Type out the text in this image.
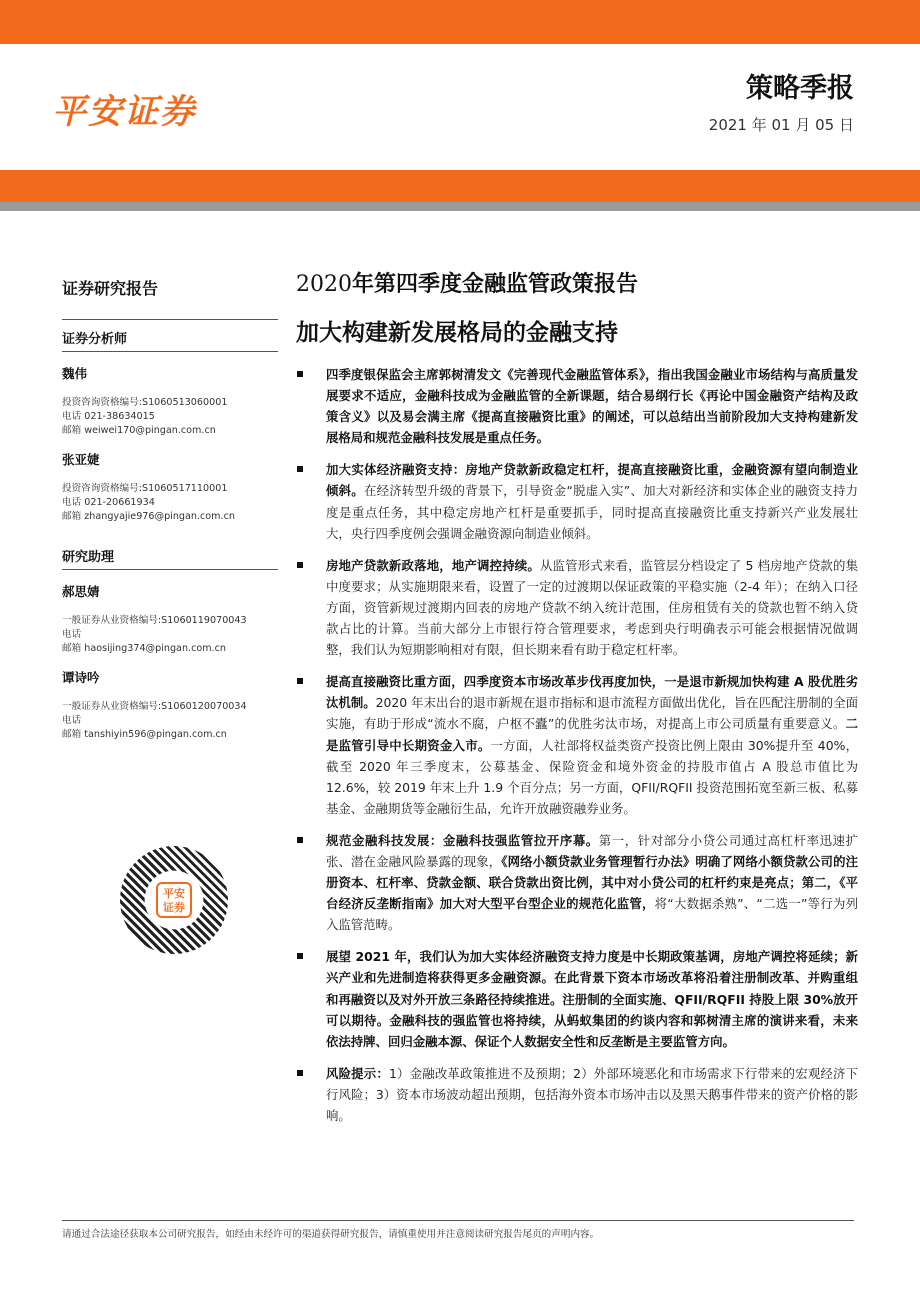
平安证券
策略季报
2021 年 01 月 05 日
证券研究报告
证券分析师
魏伟
投资咨询资格编号:S1060513060001
电话 021-38634015
邮箱 weiwei170@pingan.com.cn
张亚婕
投资咨询资格编号:S1060517110001
电话 021-20661934
邮箱 zhangyajie976@pingan.com.cn
研究助理
郝思婧
一般证券从业资格编号:S1060119070043
电话
邮箱 haosijing374@pingan.com.cn
谭诗吟
一般证券从业资格编号:S1060120070034
电话
邮箱 tanshiyin596@pingan.com.cn
平安证券
2020年第四季度金融监管政策报告
加大构建新发展格局的金融支持
四季度银保监会主席郭树清发文《完善现代金融监管体系》，指出我国金融业市场结构与高质量发展要求不适应，金融科技成为金融监管的全新课题，结合易纲行长《再论中国金融资产结构及政策含义》以及易会满主席《提高直接融资比重》的阐述，可以总结出当前阶段加大支持构建新发展格局和规范金融科技发展是重点任务。
加大实体经济融资支持：房地产贷款新政稳定杠杆，提高直接融资比重，金融资源有望向制造业倾斜。在经济转型升级的背景下，引导资金“脱虚入实”、加大对新经济和实体企业的融资支持力度是重点任务，其中稳定房地产杠杆是重要抓手，同时提高直接融资比重支持新兴产业发展壮大，央行四季度例会强调金融资源向制造业倾斜。
房地产贷款新政落地，地产调控持续。从监管形式来看，监管层分档设定了 5 档房地产贷款的集中度要求；从实施期限来看，设置了一定的过渡期以保证政策的平稳实施（2-4 年）；在纳入口径方面，资管新规过渡期内回表的房地产贷款不纳入统计范围，住房租赁有关的贷款也暂不纳入贷款占比的计算。当前大部分上市银行符合管理要求，考虑到央行明确表示可能会根据情况做调整，我们认为短期影响相对有限，但长期来看有助于稳定杠杆率。
提高直接融资比重方面，四季度资本市场改革步伐再度加快，一是退市新规加快构建 A 股优胜劣汰机制。2020 年末出台的退市新规在退市指标和退市流程方面做出优化，旨在匹配注册制的全面实施，有助于形成“流水不腐，户枢不蠹”的优胜劣汰市场，对提高上市公司质量有重要意义。二是监管引导中长期资金入市。一方面，人社部将权益类资产投资比例上限由 30%提升至 40%，截至 2020 年三季度末，公募基金、保险资金和境外资金的持股市值占 A 股总市值比为 12.6%，较 2019 年末上升 1.9 个百分点；另一方面，QFII/RQFII 投资范围拓宽至新三板、私募基金、金融期货等金融衍生品，允许开放融资融券业务。
规范金融科技发展：金融科技强监管拉开序幕。第一，针对部分小贷公司通过高杠杆率迅速扩张、潜在金融风险暴露的现象，《网络小额贷款业务管理暂行办法》明确了网络小额贷款公司的注册资本、杠杆率、贷款金额、联合贷款出资比例，其中对小贷公司的杠杆约束是亮点；第二，《平台经济反垄断指南》加大对大型平台型企业的规范化监管，将“大数据杀熟”、“二选一”等行为列入监管范畴。
展望 2021 年，我们认为加大实体经济融资支持力度是中长期政策基调，房地产调控将延续；新兴产业和先进制造将获得更多金融资源。在此背景下资本市场改革将沿着注册制改革、并购重组和再融资以及对外开放三条路径持续推进。注册制的全面实施、QFII/RQFII 持股上限 30%放开可以期待。金融科技的强监管也将持续，从蚂蚁集团的约谈内容和郭树清主席的演讲来看，未来依法持牌、回归金融本源、保证个人数据安全性和反垄断是主要监管方向。
风险提示：1）金融改革政策推进不及预期；2）外部环境恶化和市场需求下行带来的宏观经济下行风险；3）资本市场波动超出预期，包括海外资本市场冲击以及黑天鹅事件带来的资产价格的影响。
请通过合法途径获取本公司研究报告，如经由未经许可的渠道获得研究报告，请慎重使用并注意阅读研究报告尾页的声明内容。
